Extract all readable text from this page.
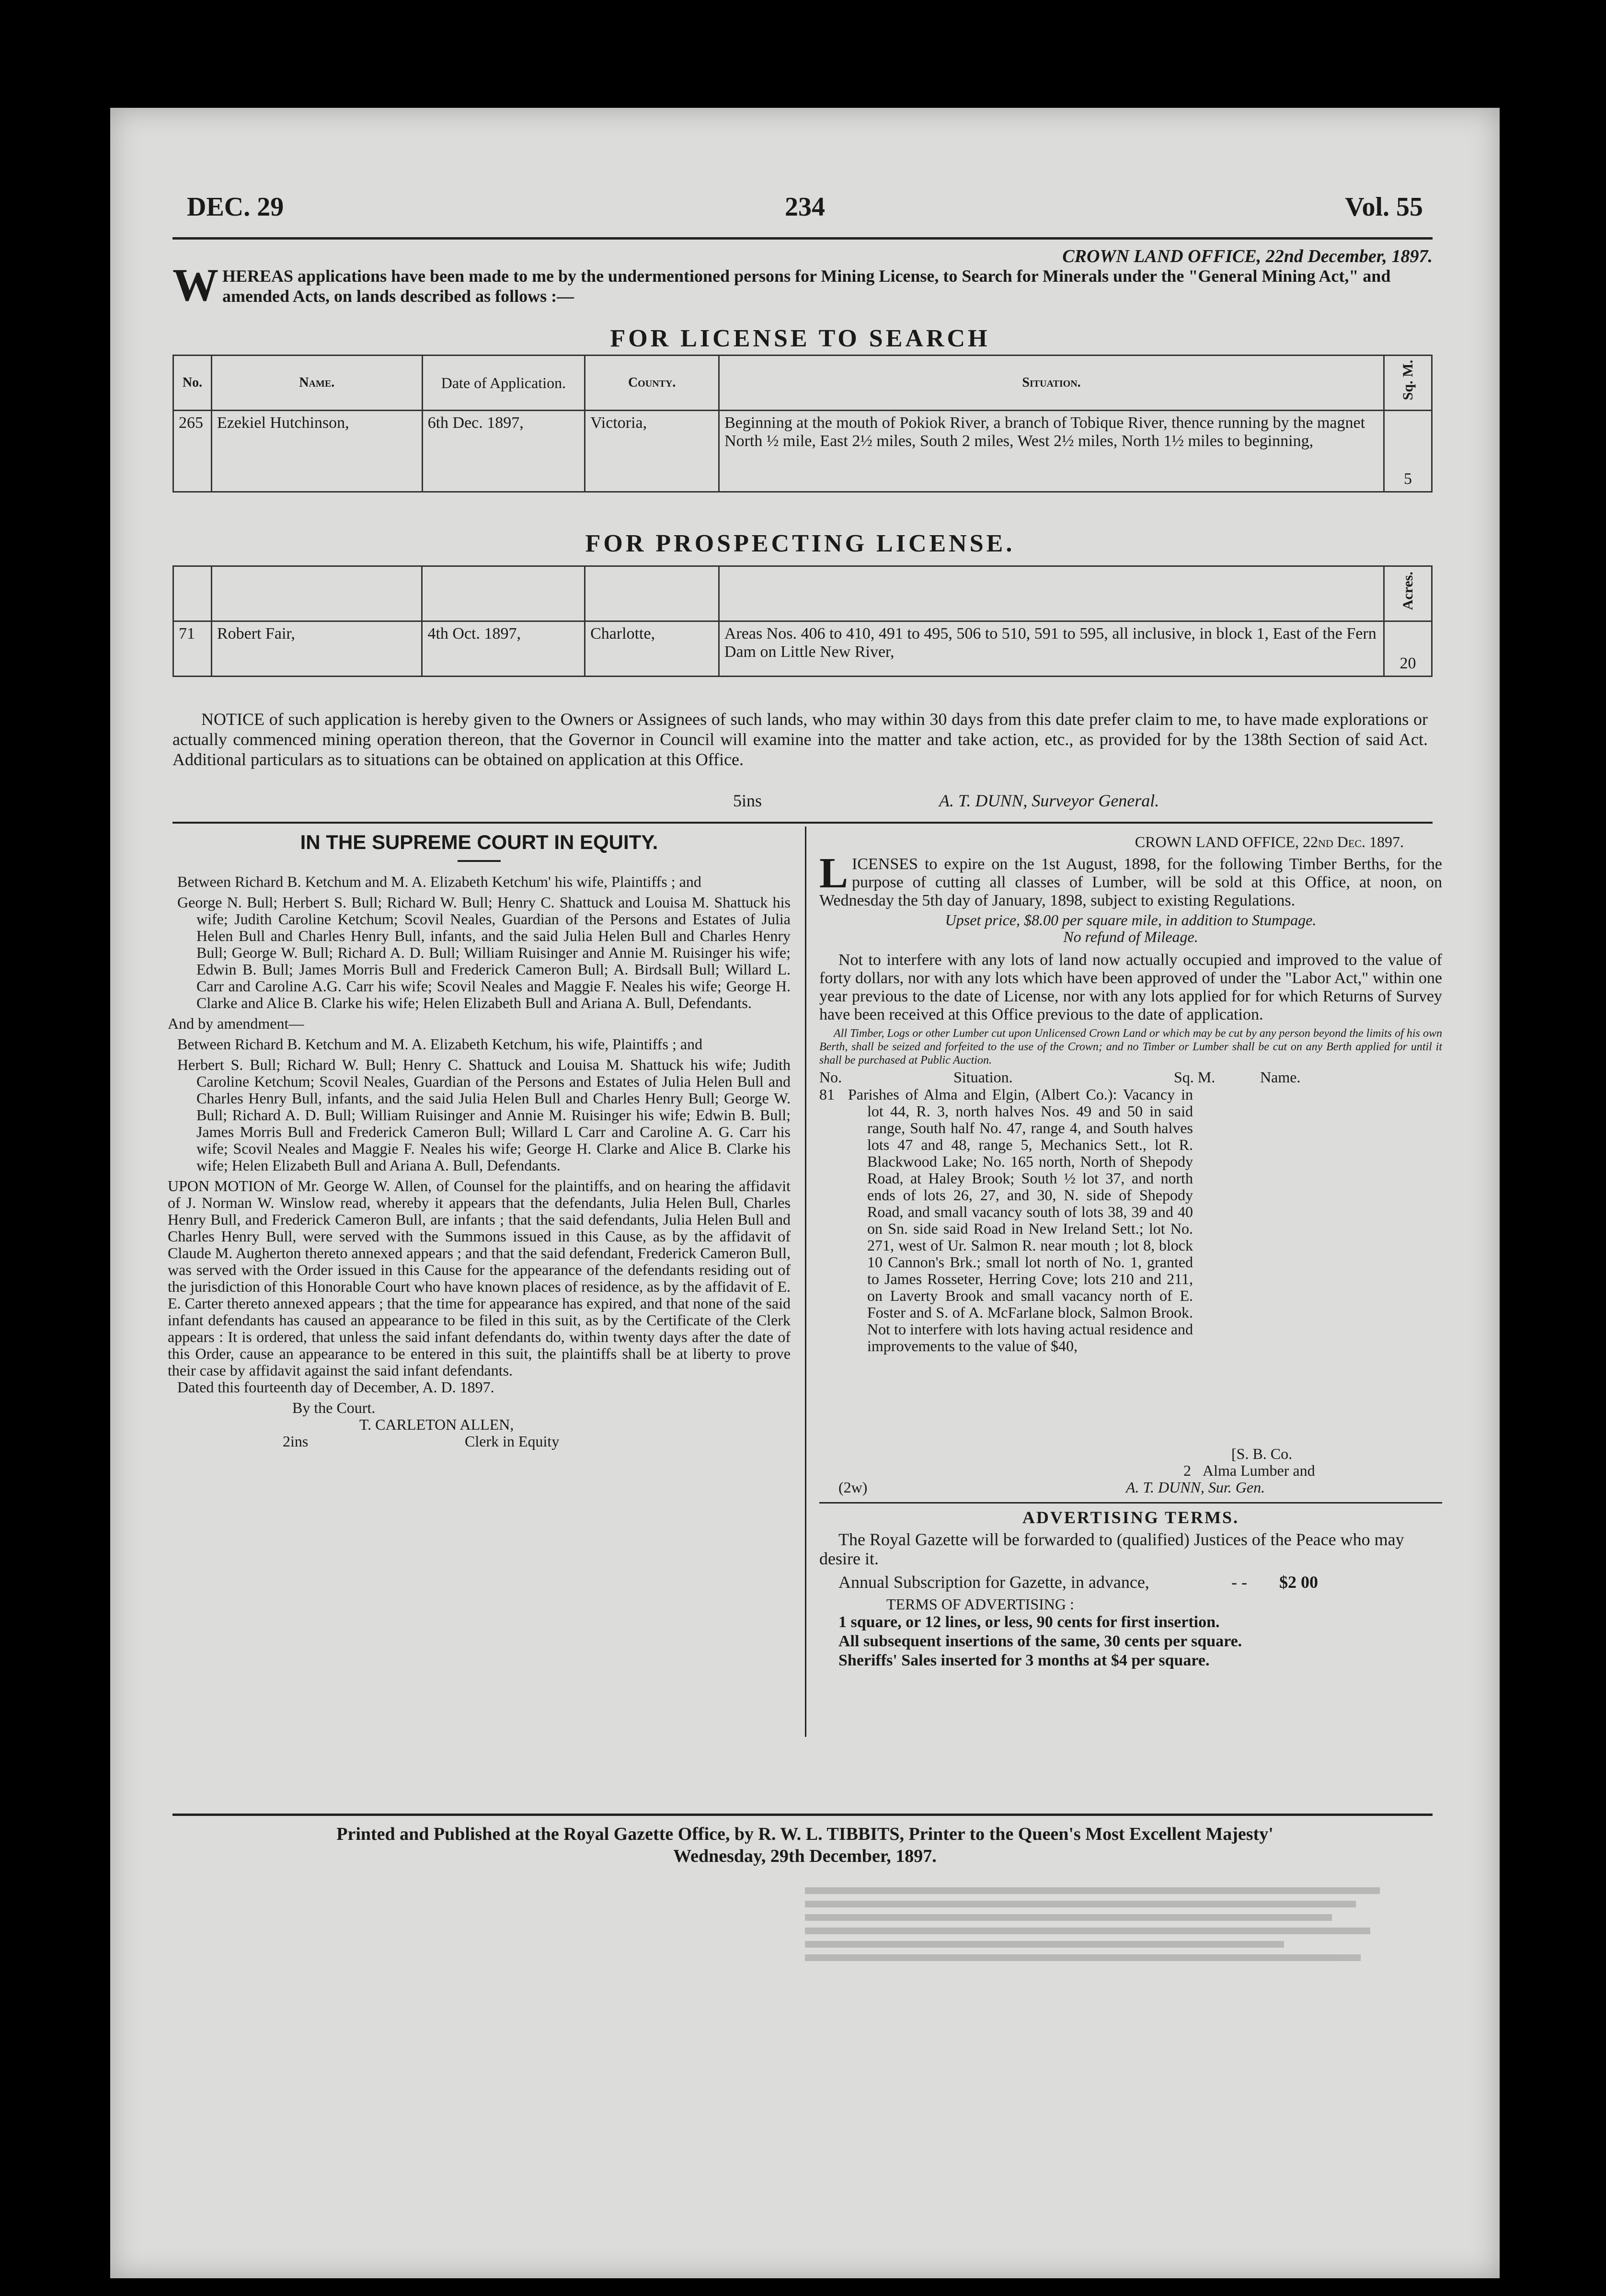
DEC. 29	234	Vol. 55
CROWN LAND OFFICE, 22nd December, 1897.
W HEREAS applications have been made to me by the undermentioned persons for Mining License, to Search for Minerals under the "General Mining Act," and amended Acts, on lands described as follows :—
FOR LICENSE TO SEARCH
No.	Name.	Date of Application.	County.	Situation.	Sq. M.
265	Ezekiel Hutchinson,	6th Dec. 1897,	Victoria,	Beginning at the mouth of Pokiok River, a branch of Tobique River, thence running by the magnet North ½ mile, East 2½ miles, South 2 miles, West 2½ miles, North 1½ miles to beginning,	5
FOR PROSPECTING LICENSE.
					Acres.
71	Robert Fair,	4th Oct. 1897,	Charlotte,	Areas Nos. 406 to 410, 491 to 495, 506 to 510, 591 to 595, all inclusive, in block 1, East of the Fern Dam on Little New River,	20
NOTICE of such application is hereby given to the Owners or Assignees of such lands, who may within 30 days from this date prefer claim to me, to have made explorations or actually commenced mining operation thereon, that the Governor in Council will examine into the matter and take action, etc., as provided for by the 138th Section of said Act. Additional particulars as to situations can be obtained on application at this Office.
5ins	A. T. DUNN, Surveyor General.
IN THE SUPREME COURT IN EQUITY.
Between Richard B. Ketchum and M. A. Elizabeth Ketchum' his wife, Plaintiffs ; and
George N. Bull; Herbert S. Bull; Richard W. Bull; Henry C. Shattuck and Louisa M. Shattuck his wife; Judith Caroline Ketchum; Scovil Neales, Guardian of the Persons and Estates of Julia Helen Bull and Charles Henry Bull, infants, and the said Julia Helen Bull and Charles Henry Bull; George W. Bull; Richard A. D. Bull; William Ruisinger and Annie M. Ruisinger his wife; Edwin B. Bull; James Morris Bull and Frederick Cameron Bull; A. Birdsall Bull; Willard L. Carr and Caroline A.G. Carr his wife; Scovil Neales and Maggie F. Neales his wife; George H. Clarke and Alice B. Clarke his wife; Helen Elizabeth Bull and Ariana A. Bull, Defendants.
And by amendment—
Between Richard B. Ketchum and M. A. Elizabeth Ketchum, his wife, Plaintiffs ; and
Herbert S. Bull; Richard W. Bull; Henry C. Shattuck and Louisa M. Shattuck his wife; Judith Caroline Ketchum; Scovil Neales, Guardian of the Persons and Estates of Julia Helen Bull and Charles Henry Bull, infants, and the said Julia Helen Bull and Charles Henry Bull; George W. Bull; Richard A. D. Bull; William Ruisinger and Annie M. Ruisinger his wife; Edwin B. Bull; James Morris Bull and Frederick Cameron Bull; Willard L Carr and Caroline A. G. Carr his wife; Scovil Neales and Maggie F. Neales his wife; George H. Clarke and Alice B. Clarke his wife; Helen Elizabeth Bull and Ariana A. Bull, Defendants.
UPON MOTION of Mr. George W. Allen, of Counsel for the plaintiffs, and on hearing the affidavit of J. Norman W. Winslow read, whereby it appears that the defendants, Julia Helen Bull, Charles Henry Bull, and Frederick Cameron Bull, are infants ; that the said defendants, Julia Helen Bull and Charles Henry Bull, were served with the Summons issued in this Cause, as by the affidavit of Claude M. Augherton thereto annexed appears ; and that the said defendant, Frederick Cameron Bull, was served with the Order issued in this Cause for the appearance of the defendants residing out of the jurisdiction of this Honorable Court who have known places of residence, as by the affidavit of E. E. Carter thereto annexed appears ; that the time for appearance has expired, and that none of the said infant defendants has caused an appearance to be filed in this suit, as by the Certificate of the Clerk appears : It is ordered, that unless the said infant defendants do, within twenty days after the date of this Order, cause an appearance to be entered in this suit, the plaintiffs shall be at liberty to prove their case by affidavit against the said infant defendants.
Dated this fourteenth day of December, A. D. 1897.
By the Court.
T. CARLETON ALLEN,
2ins	Clerk in Equity
CROWN LAND OFFICE, 22nd Dec. 1897.
L ICENSES to expire on the 1st August, 1898, for the following Timber Berths, for the purpose of cutting all classes of Lumber, will be sold at this Office, at noon, on Wednesday the 5th day of January, 1898, subject to existing Regulations.
Upset price, $8.00 per square mile, in addition to Stumpage.
No refund of Mileage.
Not to interfere with any lots of land now actually occupied and improved to the value of forty dollars, nor with any lots which have been approved of under the "Labor Act," within one year previous to the date of License, nor with any lots applied for for which Returns of Survey have been received at this Office previous to the date of application.
All Timber, Logs or other Lumber cut upon Unlicensed Crown Land or which may be cut by any person beyond the limits of his own Berth, shall be seized and forfeited to the use of the Crown; and no Timber or Lumber shall be cut on any Berth applied for until it shall be purchased at Public Auction.
No.	Situation.	Sq. M.	Name.
81 Parishes of Alma and Elgin, (Albert Co.): Vacancy in lot 44, R. 3, north halves Nos. 49 and 50 in said range, South half No. 47, range 4, and South halves lots 47 and 48, range 5, Mechanics Sett., lot R. Blackwood Lake; No. 165 north, North of Shepody Road, at Haley Brook; South ½ lot 37, and north ends of lots 26, 27, and 30, N. side of Shepody Road, and small vacancy south of lots 38, 39 and 40 on Sn. side said Road in New Ireland Sett.; lot No. 271, west of Ur. Salmon R. near mouth ; lot 8, block 10 Cannon's Brk.; small lot north of No. 1, granted to James Rosseter, Herring Cove; lots 210 and 211, on Laverty Brook and small vacancy north of E. Foster and S. of A. McFarlane block, Salmon Brook. Not to interfere with lots having actual residence and improvements to the value of $40,
[S. B. Co.
2 Alma Lumber and
(2w)	A. T. DUNN, Sur. Gen.
ADVERTISING TERMS.
The Royal Gazette will be forwarded to (qualified) Justices of the Peace who may desire it.
Annual Subscription for Gazette, in advance,	- - $2 00
TERMS OF ADVERTISING :
1 square, or 12 lines, or less, 90 cents for first insertion.
All subsequent insertions of the same, 30 cents per square.
Sheriffs' Sales inserted for 3 months at $4 per square.
Printed and Published at the Royal Gazette Office, by R. W. L. TIBBITS, Printer to the Queen's Most Excellent Majesty'
Wednesday, 29th December, 1897.
